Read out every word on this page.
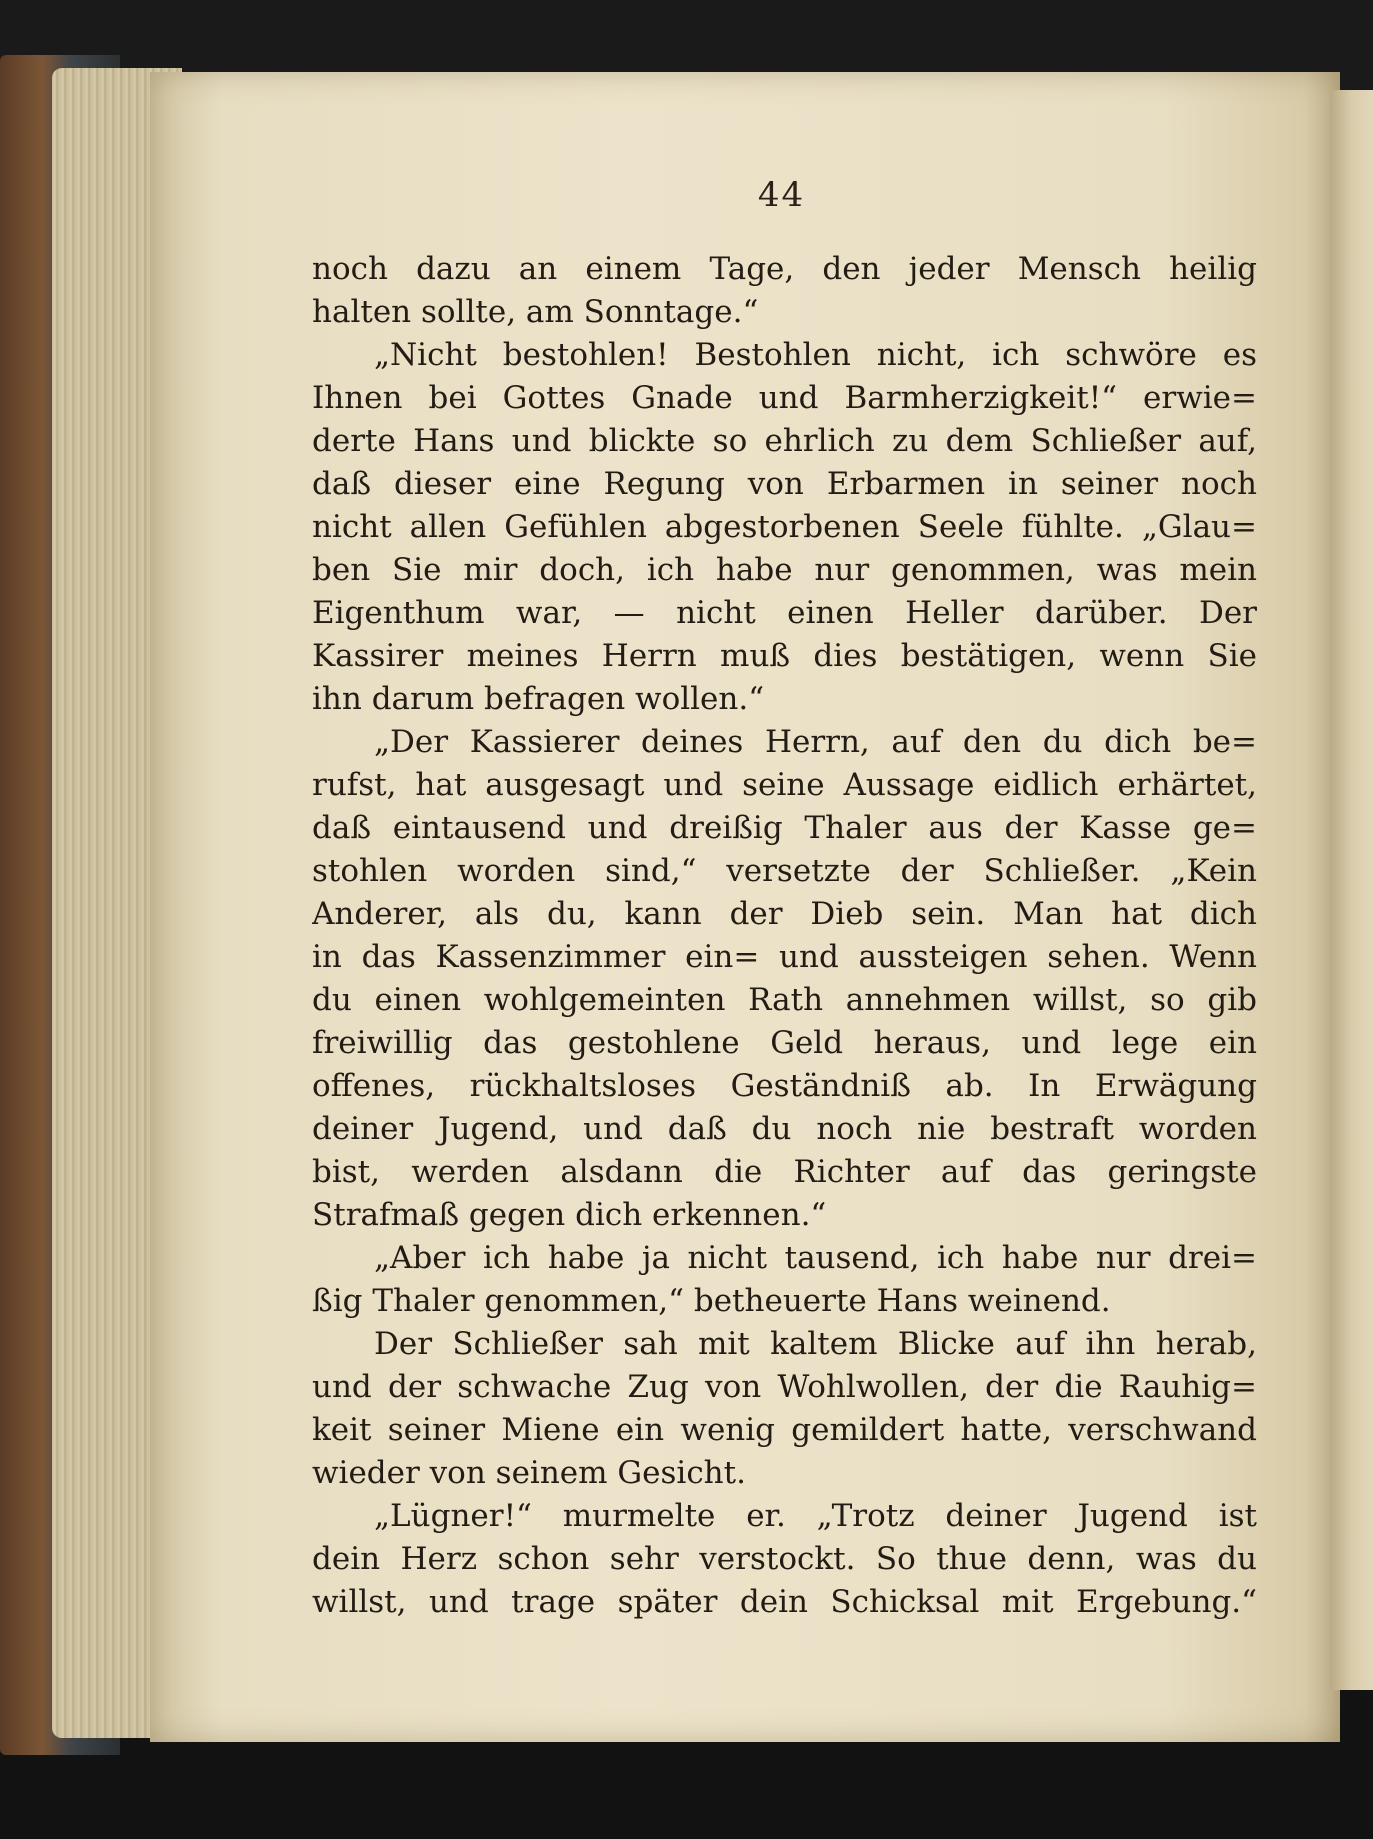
44
noch dazu an einem Tage, den jeder Mensch heilig
halten sollte, am Sonntage.“
„Nicht bestohlen! Bestohlen nicht, ich schwöre es
Ihnen bei Gottes Gnade und Barmherzigkeit!“ erwie=
derte Hans und blickte so ehrlich zu dem Schließer auf,
daß dieser eine Regung von Erbarmen in seiner noch
nicht allen Gefühlen abgestorbenen Seele fühlte. „Glau=
ben Sie mir doch, ich habe nur genommen, was mein
Eigenthum war, — nicht einen Heller darüber. Der
Kassirer meines Herrn muß dies bestätigen, wenn Sie
ihn darum befragen wollen.“
„Der Kassierer deines Herrn, auf den du dich be=
rufst, hat ausgesagt und seine Aussage eidlich erhärtet,
daß eintausend und dreißig Thaler aus der Kasse ge=
stohlen worden sind,“ versetzte der Schließer. „Kein
Anderer, als du, kann der Dieb sein. Man hat dich
in das Kassenzimmer ein= und aussteigen sehen. Wenn
du einen wohlgemeinten Rath annehmen willst, so gib
freiwillig das gestohlene Geld heraus, und lege ein
offenes, rückhaltsloses Geständniß ab. In Erwägung
deiner Jugend, und daß du noch nie bestraft worden
bist, werden alsdann die Richter auf das geringste
Strafmaß gegen dich erkennen.“
„Aber ich habe ja nicht tausend, ich habe nur drei=
ßig Thaler genommen,“ betheuerte Hans weinend.
Der Schließer sah mit kaltem Blicke auf ihn herab,
und der schwache Zug von Wohlwollen, der die Rauhig=
keit seiner Miene ein wenig gemildert hatte, verschwand
wieder von seinem Gesicht.
„Lügner!“ murmelte er. „Trotz deiner Jugend ist
dein Herz schon sehr verstockt. So thue denn, was du
willst, und trage später dein Schicksal mit Ergebung.“
